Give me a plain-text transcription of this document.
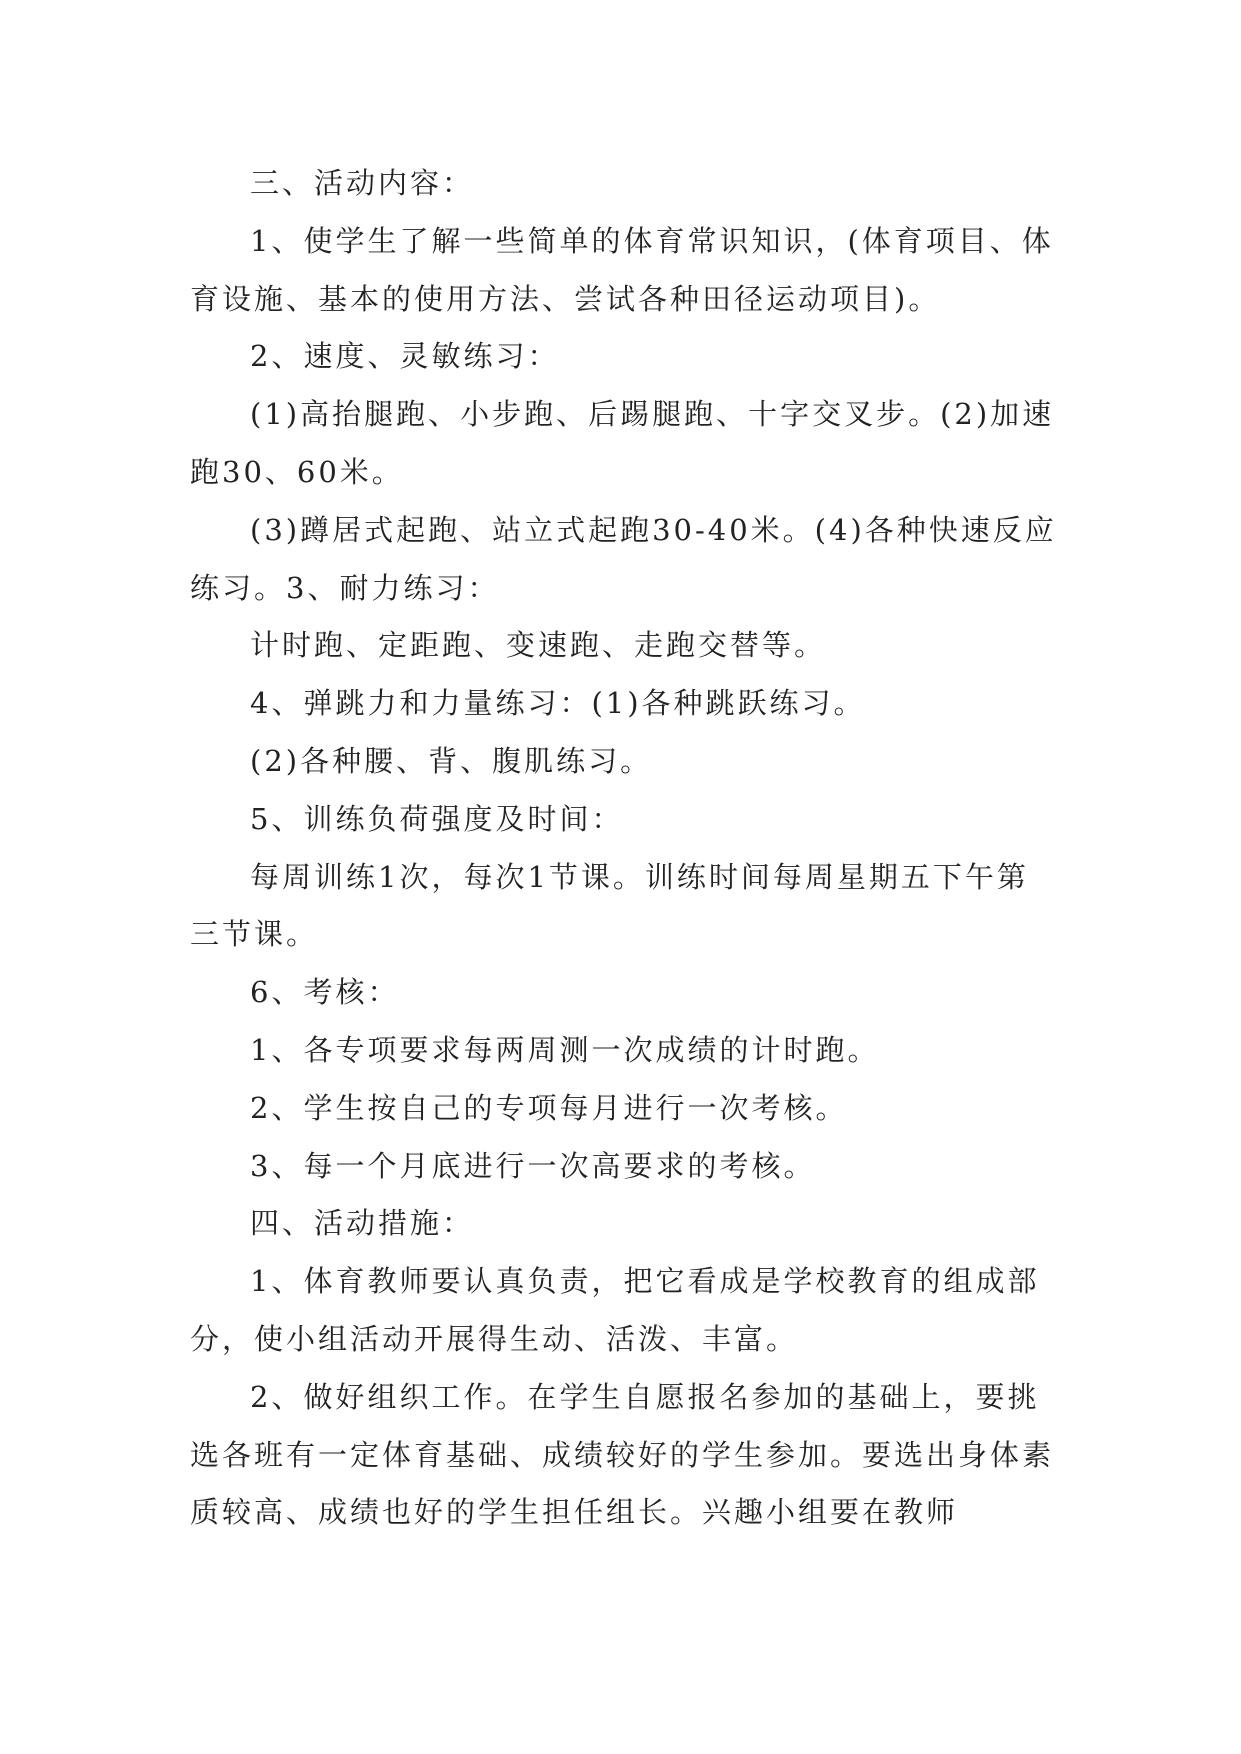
三、活动内容：

1、使学生了解一些简单的体育常识知识，(体育项目、体育设施、基本的使用方法、尝试各种田径运动项目)。

2、速度、灵敏练习：

(1)高抬腿跑、小步跑、后踢腿跑、十字交叉步。(2)加速跑30、60米。

(3)蹲居式起跑、站立式起跑30-40米。(4)各种快速反应练习。3、耐力练习：

计时跑、定距跑、变速跑、走跑交替等。

4、弹跳力和力量练习：(1)各种跳跃练习。

(2)各种腰、背、腹肌练习。

5、训练负荷强度及时间：

每周训练1次，每次1节课。训练时间每周星期五下午第三节课。

6、考核：

1、各专项要求每两周测一次成绩的计时跑。

2、学生按自己的专项每月进行一次考核。

3、每一个月底进行一次高要求的考核。

四、活动措施：

1、体育教师要认真负责，把它看成是学校教育的组成部分，使小组活动开展得生动、活泼、丰富。

2、做好组织工作。在学生自愿报名参加的基础上，要挑选各班有一定体育基础、成绩较好的学生参加。要选出身体素质较高、成绩也好的学生担任组长。兴趣小组要在教师
